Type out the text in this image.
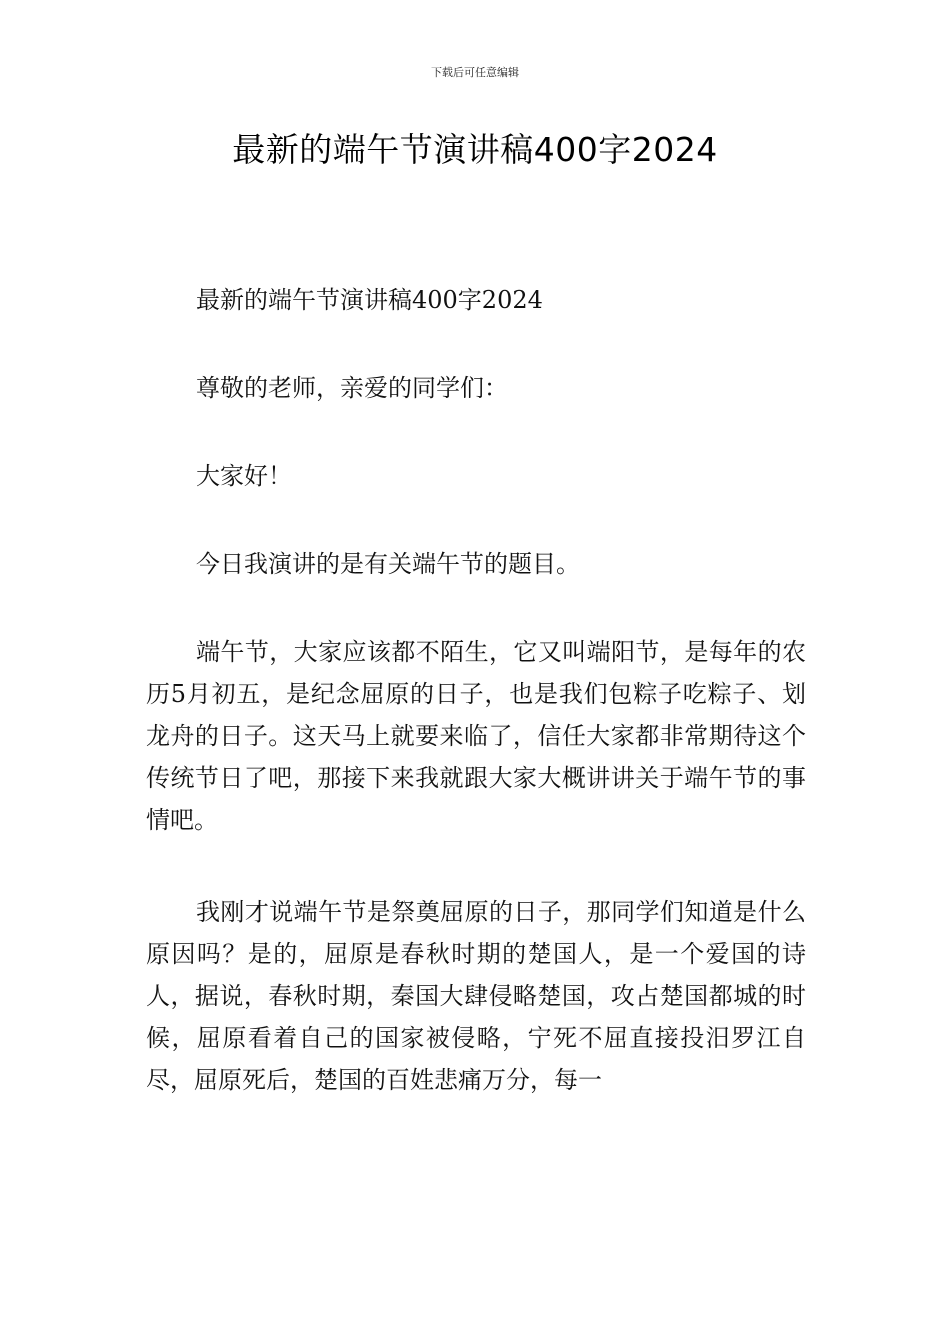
下载后可任意编辑
最新的端午节演讲稿400字2024

最新的端午节演讲稿400字2024

尊敬的老师，亲爱的同学们：

大家好！

今日我演讲的是有关端午节的题目。

端午节，大家应该都不陌生，它又叫端阳节，是每年的农历5月初五，是纪念屈原的日子，也是我们包粽子吃粽子、划龙舟的日子。这天马上就要来临了，信任大家都非常期待这个传统节日了吧，那接下来我就跟大家大概讲讲关于端午节的事情吧。

我刚才说端午节是祭奠屈原的日子，那同学们知道是什么原因吗？是的，屈原是春秋时期的楚国人，是一个爱国的诗人，据说，春秋时期，秦国大肆侵略楚国，攻占楚国都城的时候，屈原看着自己的国家被侵略，宁死不屈直接投汨罗江自尽，屈原死后，楚国的百姓悲痛万分，每一
